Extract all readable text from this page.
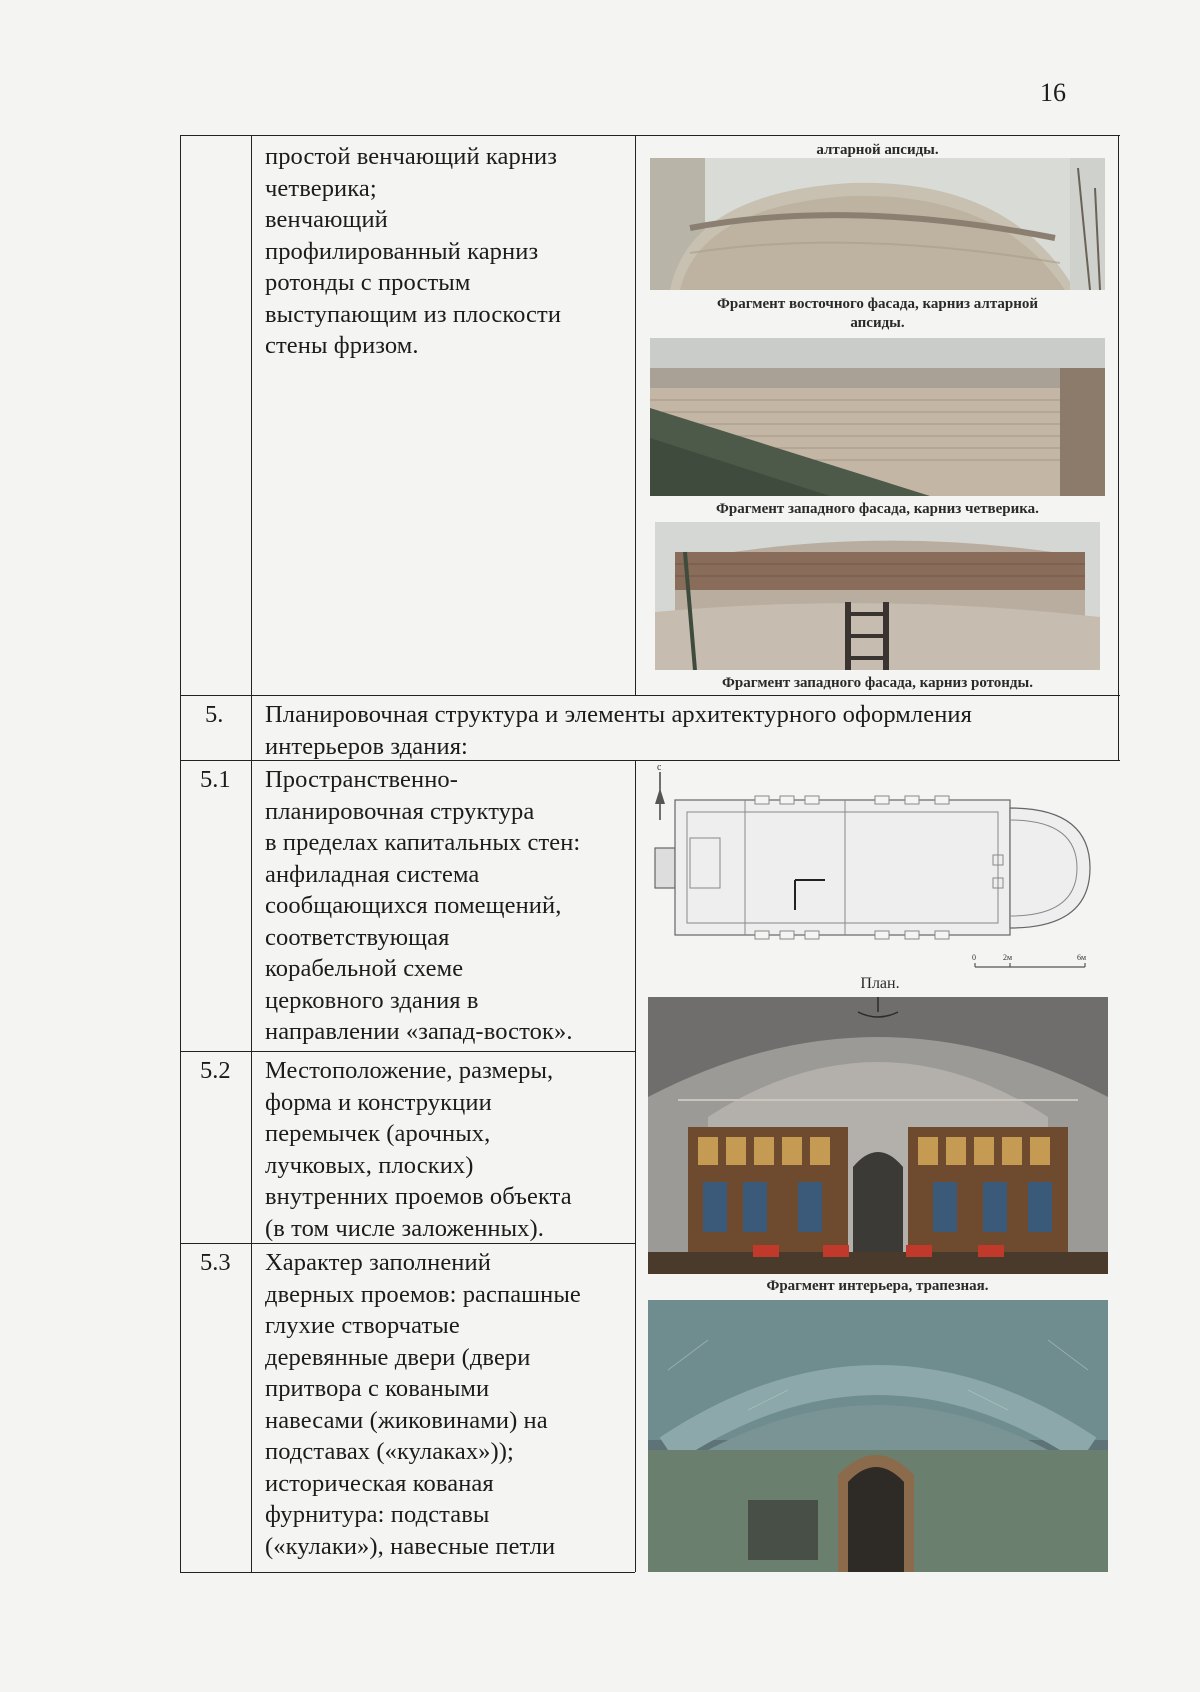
16
простой венчающий карниз
четверика;
венчающий
профилированный карниз
ротонды с простым
выступающим из плоскости
стены фризом.
5. Планировочная структура и элементы архитектурного оформления
интерьеров здания:
5.1 Пространственно-
планировочная структура
в пределах капитальных стен:
анфиладная система
сообщающихся помещений,
соответствующая
корабельной схеме
церковного здания в
направлении «запад-восток».
5.2 Местоположение, размеры,
форма и конструкции
перемычек (арочных,
лучковых, плоских)
внутренних проемов объекта
(в том числе заложенных).
5.3 Характер заполнений
дверных проемов: распашные
глухие створчатые
деревянные двери (двери
притвора с коваными
навесами (жиковинами) на
подставах («кулаках»));
историческая кованая
фурнитура: подставы
(«кулаки»), навесные петли
алтарной апсиды.
Фрагмент восточного фасада, карниз алтарной
апсиды.
Фрагмент западного фасада, карниз четверика.
Фрагмент западного фасада, карниз ротонды.
План.
Фрагмент интерьера, трапезная.
с
0	2м	6м
